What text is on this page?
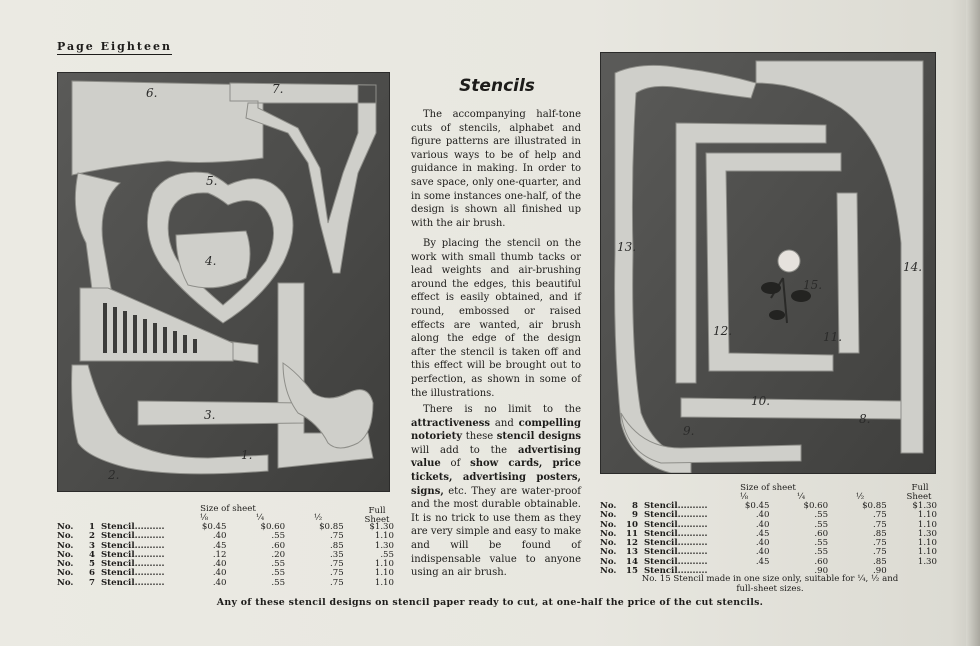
Page Eighteen
6.	7.
5.
4.
3.
2.
1.
13.
12.
15.
11.
10.
9.
8.
14.
Stencils

The accompanying half-tone cuts of stencils, alphabet and figure patterns are illustrated in various ways to be of help and guidance in making. In order to save space, only one-quarter, and in some instances one-half, of the design is shown all finished up with the air brush.

By placing the stencil on the work with small thumb tacks or lead weights and air-brushing around the edges, this beautiful effect is easily obtained, and if round, embossed or raised effects are wanted, air brush along the edge of the design after the stencil is taken off and this effect will be brought out to perfection, as shown in some of the illustrations.

There is no limit to the attractiveness and compelling notoriety these stencil designs will add to the advertising value of show cards, price tickets, advertising posters, signs, etc. They are water-proof and the most durable obtainable. It is no trick to use them as they are very simple and easy to make and will be found of indispensable value to anyone using an air brush.

Size of sheet
⅛	¼	½
Full
Sheet
No.	1	Stencil..........	$0.45	$0.60	$0.85	$1.30
No.	2	Stencil..........	.40	.55	.75	1.10
No.	3	Stencil..........	.45	.60	.85	1.30
No.	4	Stencil..........	.12	.20	.35	.55
No.	5	Stencil..........	.40	.55	.75	1.10
No.	6	Stencil..........	.40	.55	.75	1.10
No.	7	Stencil..........	.40	.55	.75	1.10
Size of sheet
⅛	¼	½
Full
Sheet
No.	8	Stencil..........	$0.45	$0.60	$0.85	$1.30
No.	9	Stencil..........	.40	.55	.75	1.10
No.	10	Stencil..........	.40	.55	.75	1.10
No.	11	Stencil..........	.45	.60	.85	1.30
No.	12	Stencil..........	.40	.55	.75	1.10
No.	13	Stencil..........	.40	.55	.75	1.10
No.	14	Stencil..........	.45	.60	.85	1.30
No.	15	Stencil..........		.90	.90	
No. 15 Stencil made in one size only, suitable for ¼, ½ and
full-sheet sizes.
Any of these stencil designs on stencil paper ready to cut, at one-half the price of the cut stencils.
